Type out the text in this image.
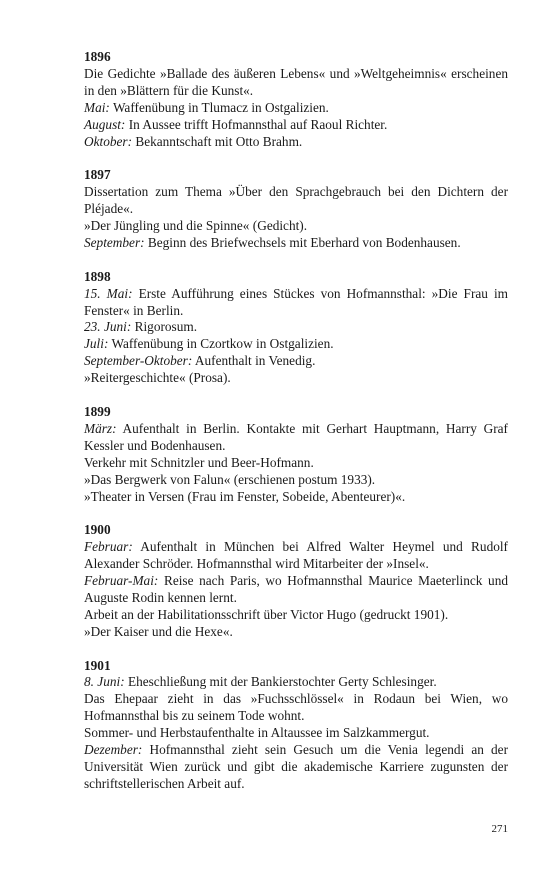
1896
Die Gedichte »Ballade des äußeren Lebens« und »Weltgeheimnis« erscheinen in den »Blättern für die Kunst«.
Mai: Waffenübung in Tlumacz in Ostgalizien.
August: In Aussee trifft Hofmannsthal auf Raoul Richter.
Oktober: Bekanntschaft mit Otto Brahm.
1897
Dissertation zum Thema »Über den Sprachgebrauch bei den Dichtern der Pléjade«.
»Der Jüngling und die Spinne« (Gedicht).
September: Beginn des Briefwechsels mit Eberhard von Bodenhausen.
1898
15. Mai: Erste Aufführung eines Stückes von Hofmannsthal: »Die Frau im Fenster« in Berlin.
23. Juni: Rigorosum.
Juli: Waffenübung in Czortkow in Ostgalizien.
September-Oktober: Aufenthalt in Venedig.
»Reitergeschichte« (Prosa).
1899
März: Aufenthalt in Berlin. Kontakte mit Gerhart Hauptmann, Harry Graf Kessler und Bodenhausen.
Verkehr mit Schnitzler und Beer-Hofmann.
»Das Bergwerk von Falun« (erschienen postum 1933).
»Theater in Versen (Frau im Fenster, Sobeide, Abenteurer)«.
1900
Februar: Aufenthalt in München bei Alfred Walter Heymel und Rudolf Alexander Schröder. Hofmannsthal wird Mitarbeiter der »Insel«.
Februar-Mai: Reise nach Paris, wo Hofmannsthal Maurice Maeterlinck und Auguste Rodin kennen lernt.
Arbeit an der Habilitationsschrift über Victor Hugo (gedruckt 1901).
»Der Kaiser und die Hexe«.
1901
8. Juni: Eheschließung mit der Bankierstochter Gerty Schlesinger.
Das Ehepaar zieht in das »Fuchsschlössel« in Rodaun bei Wien, wo Hofmannsthal bis zu seinem Tode wohnt.
Sommer- und Herbstaufenthalte in Altaussee im Salzkammergut.
Dezember: Hofmannsthal zieht sein Gesuch um die Venia legendi an der Universität Wien zurück und gibt die akademische Karriere zugunsten der schriftstellerischen Arbeit auf.
271
